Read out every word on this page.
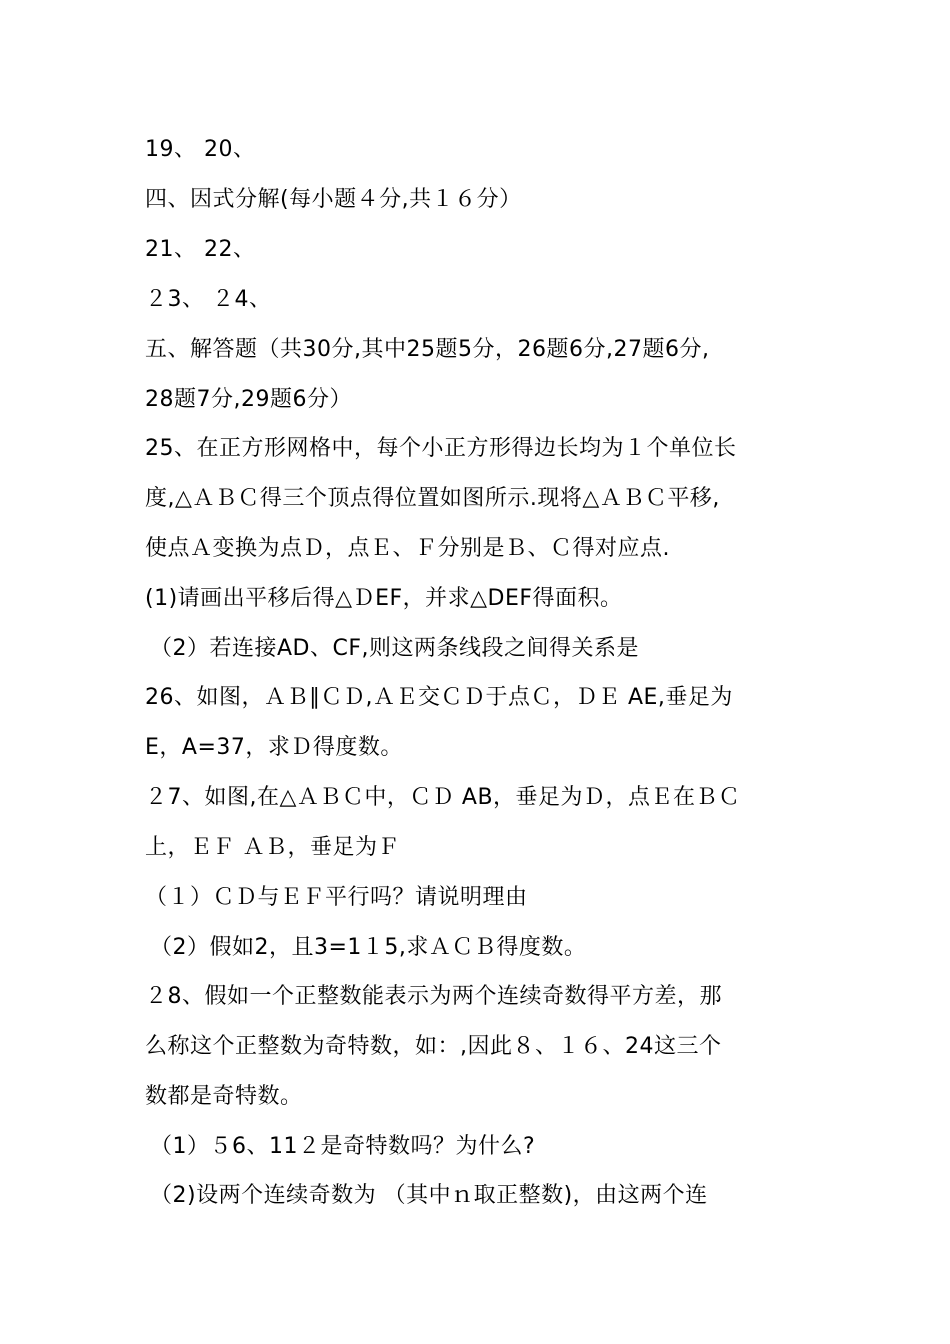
19、 20、
四、因式分解(每小题４分,共１６分）
21、 22、
２3、 ２4、
五、解答题（共30分,其中25题5分，26题6分,27题6分,
28题7分,29题6分）
25、在正方形网格中，每个小正方形得边长均为１个单位长
度,△ＡＢＣ得三个顶点得位置如图所示.现将△ＡＢＣ平移,
使点Ａ变换为点Ｄ，点Ｅ、Ｆ分别是Ｂ、Ｃ得对应点.
(1)请画出平移后得△ＤEF，并求△DEF得面积。
（2）若连接AD、CF,则这两条线段之间得关系是
26、如图，ＡＢ∥ＣＤ,ＡＥ交ＣＤ于点Ｃ，ＤＥ AE,垂足为
E，A=37，求Ｄ得度数。
２7、如图,在△ＡＢＣ中，ＣＤ AB，垂足为Ｄ，点Ｅ在ＢＣ
上，ＥＦ ＡＢ，垂足为Ｆ
（１）ＣＤ与ＥＦ平行吗？请说明理由
（2）假如2，且3=1１5,求ＡＣＢ得度数。
２8、假如一个正整数能表示为两个连续奇数得平方差，那
么称这个正整数为奇特数，如：,因此８、１６、24这三个
数都是奇特数。
（1）５6、11２是奇特数吗？为什么?
（2)设两个连续奇数为 （其中ｎ取正整数)，由这两个连
